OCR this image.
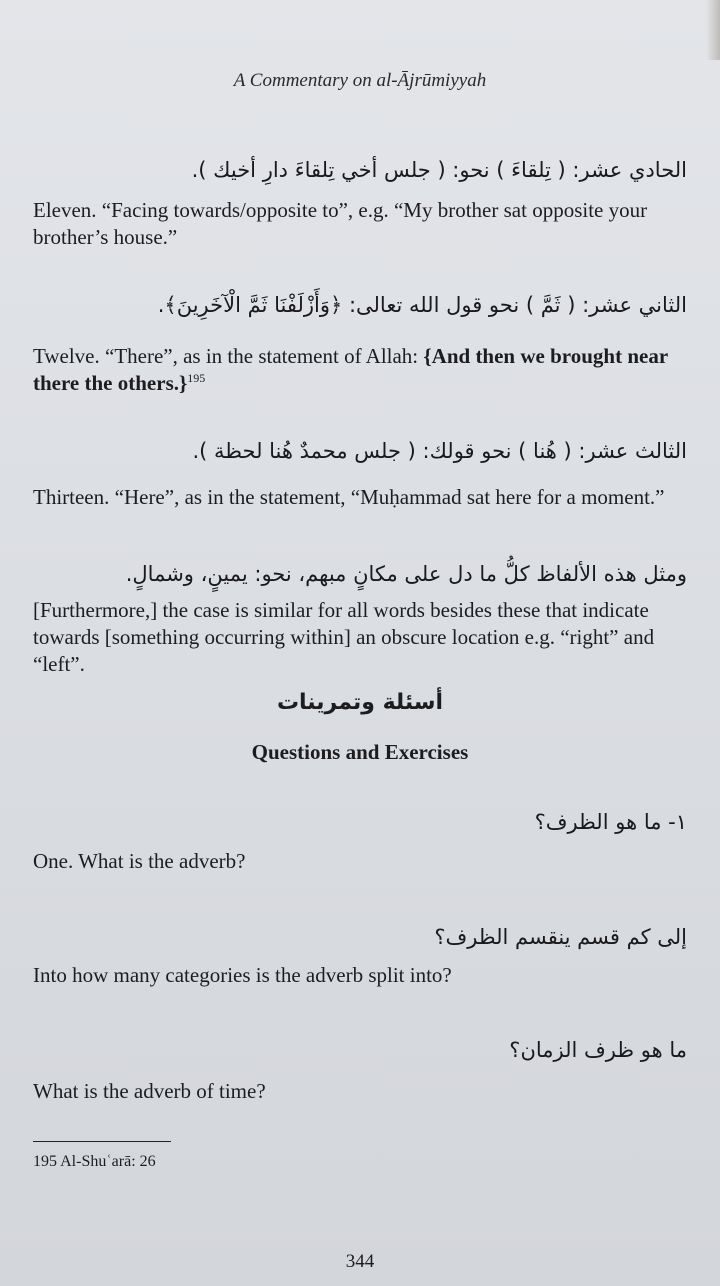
A Commentary on al-Ājrūmiyyah
الحادي عشر: ( تِلقاءَ ) نحو: ( جلس أخي تِلقاءَ دارِ أخيك ).
Eleven. “Facing towards/opposite to”, e.g. “My brother sat opposite your brother’s house.”
الثاني عشر: ( ثَمَّ ) نحو قول الله تعالى: ﴿وَأَزْلَفْنَا ثَمَّ الْآخَرِينَ﴾.
Twelve. “There”, as in the statement of Allah: {And then we brought near there the others.}$^{195}$
الثالث عشر: ( هُنا ) نحو قولك: ( جلس محمدٌ هُنا لحظة ).
Thirteen. “Here”, as in the statement, “Muḥammad sat here for a moment.”
ومثل هذه الألفاظ كلُّ ما دل على مكانٍ مبهم، نحو: يمينٍ، وشمالٍ.
[Furthermore,] the case is similar for all words besides these that indicate towards [something occurring within] an obscure location e.g. “right” and “left”.
أسئلة وتمرينات
Questions and Exercises
١- ما هو الظرف؟
One. What is the adverb?
إلى كم قسم ينقسم الظرف؟
Into how many categories is the adverb split into?
ما هو ظرف الزمان؟
What is the adverb of time?
195 Al-Shuʿarā: 26
344
